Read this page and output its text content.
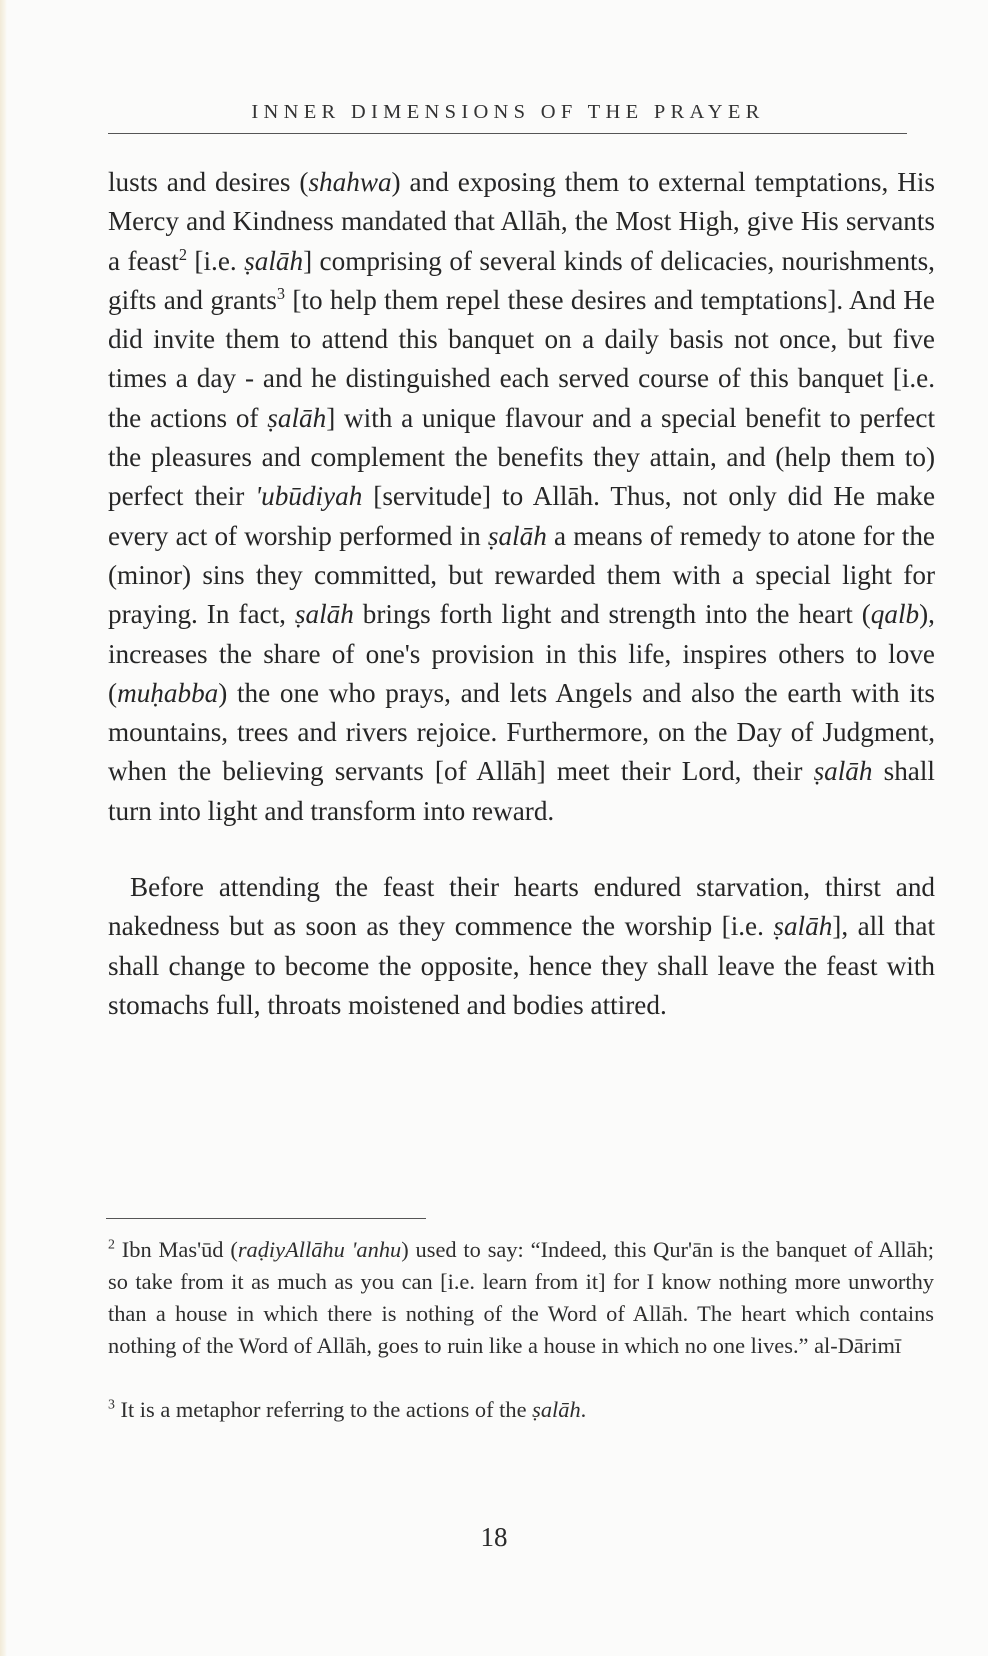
INNER DIMENSIONS OF THE PRAYER

lusts and desires (shahwa) and exposing them to external temptations, His Mercy and Kindness mandated that Allāh, the Most High, give His servants a feast$^2$ [i.e. ṣalāh] comprising of several kinds of delicacies, nourishments, gifts and grants$^3$ [to help them repel these desires and temptations]. And He did invite them to attend this banquet on a daily basis not once, but five times a day - and he distinguished each served course of this banquet [i.e. the actions of ṣalāh] with a unique flavour and a special benefit to perfect the pleasures and complement the benefits they attain, and (help them to) perfect their 'ubūdiyah [servitude] to Allāh. Thus, not only did He make every act of worship performed in ṣalāh a means of remedy to atone for the (minor) sins they committed, but rewarded them with a special light for praying. In fact, ṣalāh brings forth light and strength into the heart (qalb), increases the share of one's provision in this life, inspires others to love (muḥabba) the one who prays, and lets Angels and also the earth with its mountains, trees and rivers rejoice. Furthermore, on the Day of Judgment, when the believing servants [of Allāh] meet their Lord, their ṣalāh shall turn into light and transform into reward.

Before attending the feast their hearts endured starvation, thirst and nakedness but as soon as they commence the worship [i.e. ṣalāh], all that shall change to become the opposite, hence they shall leave the feast with stomachs full, throats moistened and bodies attired.

$^2$ Ibn Mas'ūd (raḍiyAllāhu 'anhu) used to say: “Indeed, this Qur'ān is the banquet of Allāh; so take from it as much as you can [i.e. learn from it] for I know nothing more unworthy than a house in which there is nothing of the Word of Allāh. The heart which contains nothing of the Word of Allāh, goes to ruin like a house in which no one lives.” al-Dārimī

$^3$ It is a metaphor referring to the actions of the ṣalāh.

18
